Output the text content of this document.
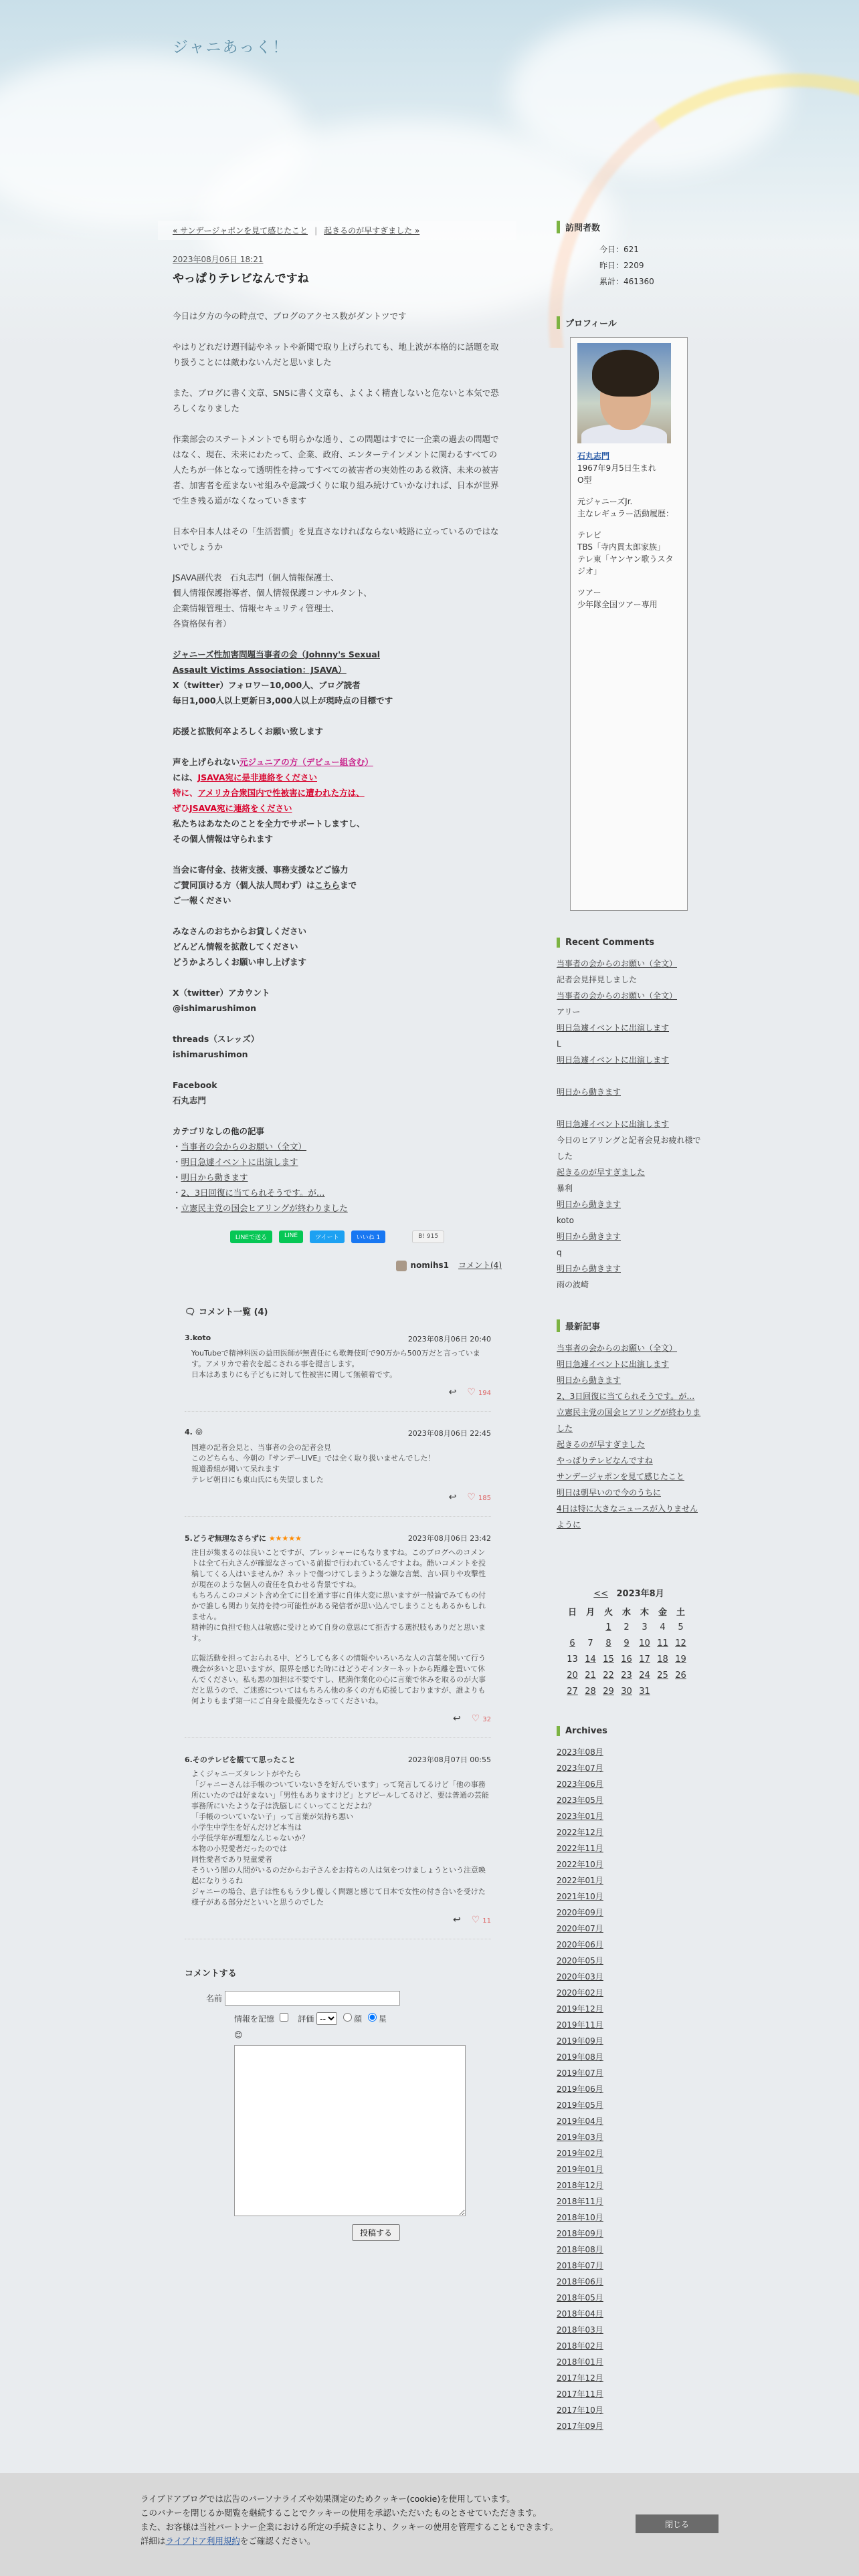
ジャニあっく！
« サンデージャポンを見て感じたこと | 起きるのが早すぎました »
2023年08月06日 18:21
やっぱりテレビなんですね

今日は夕方の今の時点で、ブログのアクセス数がダントツです

やはりどれだけ週刊誌やネットや新聞で取り上げられても、地上波が本格的に話題を取り扱うことには敵わないんだと思いました

また、ブログに書く文章、SNSに書く文章も、よくよく精査しないと危ないと本気で恐ろしくなりました

作業部会のステートメントでも明らかな通り、この問題はすでに一企業の過去の問題ではなく、現在、未来にわたって、企業、政府、エンターテインメントに関わるすべての人たちが一体となって透明性を持ってすべての被害者の実効性のある救済、未来の被害者、加害者を産まないせ組みや意識づくりに取り組み続けていかなければ、日本が世界で生き残る道がなくなっていきます

日本や日本人はその「生活習慣」を見直さなければならない岐路に立っているのではないでしょうか

JSAVA副代表　石丸志門（個人情報保護士、
個人情報保護指導者、個人情報保護コンサルタント、
企業情報管理士、情報セキュリティ管理士、
各資格保有者）

ジャニーズ性加害問題当事者の会（Johnny's Sexual
Assault Victims Association：JSAVA）
X（twitter）フォロワー10,000人、ブログ読者
毎日1,000人以上更新日3,000人以上が現時点の目標です

応援と拡散何卒よろしくお願い致します

声を上げられない元ジュニアの方（デビュー組含む）
には、JSAVA宛に是非連絡をください
特に、アメリカ合衆国内で性被害に遭われた方は、
ぜひJSAVA宛に連絡をください
私たちはあなたのことを全力でサポートしますし、
その個人情報は守られます

当会に寄付金、技術支援、事務支援などご協力
ご賛同頂ける方（個人法人問わず）はこちらまで
ご一報ください

みなさんのおちからお貸しください
どんどん情報を拡散してください
どうかよろしくお願い申し上げます

X（twitter）アカウント
@ishimarushimon

threads（スレッズ）
ishimarushimon

Facebook
石丸志門

カテゴリなしの他の記事
・ 当事者の会からのお願い（全文）
・ 明日急遽イベントに出演します
・ 明日から動きます
・ 2、3日回復に当てられそうです。が…
・ 立憲民主党の国会ヒアリングが終わりました
LINEで送る	LINE	ツイート	いいね 1	B! 915
nomihs1 コメント(4)
🗨 コメント一覧 (4)
3.koto	2023年08月06日 20:40
YouTubeで精神科医の益田医師が無責任にも歌舞伎町で90万から500万だと言っています。アメリカで着衣を起こされる事を提言します。
日本はあまりにも子どもに対して性被害に関して無頓着です。
↩ ♡ 194
4. 😝	2023年08月06日 22:45
国連の記者会見と、当事者の会の記者会見
このどちらも、今朝の『サンデーLIVE』では全く取り扱いませんでした！
報道番組が聞いて呆れます
テレビ朝日にも東山氏にも失望しました
↩ ♡ 185
5.どうぞ無理なさらずに ★★★★★	2023年08月06日 23:42
注目が集まるのは良いことですが、プレッシャーにもなりますね。このブログへのコメントは全て石丸さんが確認なさっている前提で行われているんですよね。酷いコメントを投稿してくる人はいませんか？ネットで傷つけてしまうような嫌な言葉、言い回りや攻撃性が現在のような個人の責任を負わせる背景ですね。
もちろんこのコメント含め全てに目を通す事に自体大変に思いますが一般論でみてもの付かで誰しも関わり気持を持つ可能性がある発信者が思い込んでしまうこともあるかもしれません。
精神的に負担で他人は敏感に受けとめて自身の意思にて拒否する選択肢もありだと思います。
広報活動を担っておられる中、どうしても多くの情報やいろいろな人の言葉を聞いて行う機会が多いと思いますが、限界を感じた時にはどうぞインターネットから距離を置いて休んでください。私も悪の加担は不要ですし、肥満作業化の心に言葉で休みを取るのが大事だと思うので、ご迷惑についてはもちろん他の多くの方も応援しておりますが、誰よりも何よりもまず第一にご自身を最優先なさってくださいね。
↩ ♡ 32
6.そのテレビを観てて思ったこと	2023年08月07日 00:55
よくジャニーズタレントがやたら
「ジャニーさんは手帳のついていないきを好んでいます」って発言してるけど「他の事務所にいたのでは好まない」「男性もありますけど」とアピールしてるけど、要は普通の芸能事務所にいたような子は洗脳しにくいってことだよね？
「手帳のついていない子」って言葉が気持ち悪い
小学生中学生を好んだけど本当は
小学低学年が理想なんじゃないか？
本物の小児愛者だったのでは
同性愛者であり児童愛者
そういう闇の人間がいるのだからお子さんをお持ちの人は気をつけましょうという注意喚起になりうるね
ジャニーの場合、息子は性ももう少し優しく問題と感じて日本で女性の付き合いを受けた様子がある部分だといいと思うのでした
↩ ♡ 11
コメントする
名前
情報を記憶	評価
--	顔 星
😊
投稿する
訪問者数
今日：621
昨日：2209
累計：461360
プロフィール
石丸志門
1967年9月5日生まれ
O型
元ジャニーズJr.
主なレギュラー活動履歴：
テレビ
TBS「寺内貫太郎家族」
テレ東「ヤンヤン歌うスタジオ」
ツアー
少年隊全国ツアー専用
Recent Comments
当事者の会からのお願い（全文）
記者会見拝見しました
当事者の会からのお願い（全文）
アリー
明日急遽イベントに出演します
L
明日急遽イベントに出演します
明日から動きます
明日急遽イベントに出演します
今日のヒアリングと記者会見お疲れ様でした
起きるのが早すぎました
暴利
明日から動きます
koto
明日から動きます
q
明日から動きます
雨の波崎
最新記事
当事者の会からのお願い（全文）
明日急遽イベントに出演します
明日から動きます
2、3日回復に当てられそうです。が…
立憲民主党の国会ヒアリングが終わりました
起きるのが早すぎました
やっぱりテレビなんですね
サンデージャポンを見て感じたこと
明日は朝早いので今のうちに
4日は特に大きなニュースが入りませんように
<< 2023年8月
日	月	火	水	木	金	土
		1	2	3	4	5
6	7	8	9	10	11	12
13	14	15	16	17	18	19
20	21	22	23	24	25	26
27	28	29	30	31		
Archives
2023年08月
2023年07月
2023年06月
2023年05月
2023年01月
2022年12月
2022年11月
2022年10月
2022年01月
2021年10月
2020年09月
2020年07月
2020年06月
2020年05月
2020年03月
2020年02月
2019年12月
2019年11月
2019年09月
2019年08月
2019年07月
2019年06月
2019年05月
2019年04月
2019年03月
2019年02月
2019年01月
2018年12月
2018年11月
2018年10月
2018年09月
2018年08月
2018年07月
2018年06月
2018年05月
2018年04月
2018年03月
2018年02月
2018年01月
2017年12月
2017年11月
2017年10月
2017年09月
ライブドアブログでは広告のパーソナライズや効果測定のためクッキー(cookie)を使用しています。
このバナーを閉じるか閲覧を継続することでクッキーの使用を承認いただいたものとさせていただきます。
また、お客様は当社パートナー企業における所定の手続きにより、クッキーの使用を管理することもできます。
詳細はライブドア利用規約をご確認ください。
閉じる
